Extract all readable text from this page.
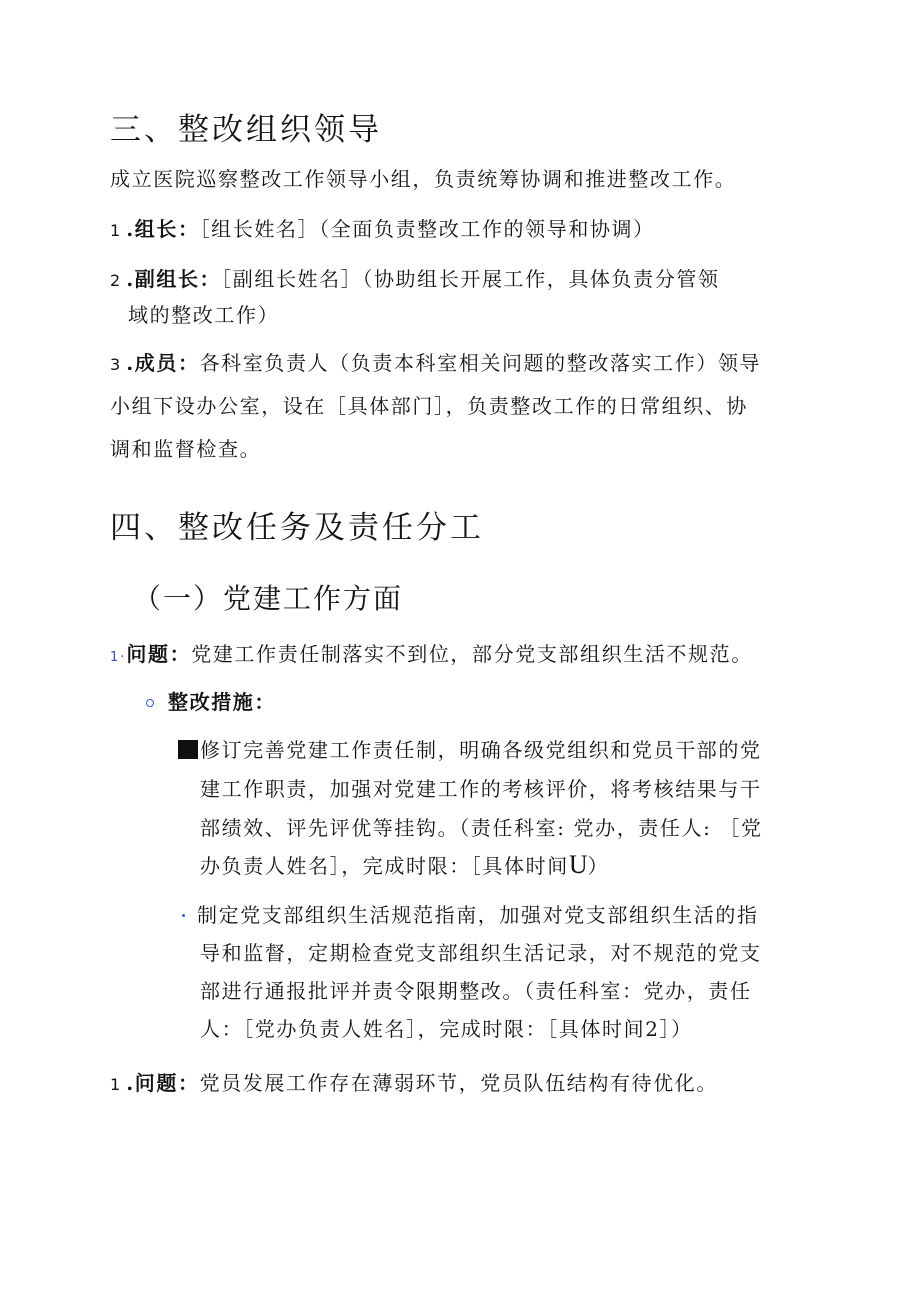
三、整改组织领导
成立医院巡察整改工作领导小组，负责统筹协调和推进整改工作。
1 .组长：［组长姓名］（全面负责整改工作的领导和协调）
2 .副组长：［副组长姓名］（协助组长开展工作，具体负责分管领
域的整改工作）
3 .成员：各科室负责人（负责本科室相关问题的整改落实工作）领导
小组下设办公室，设在［具体部门］，负责整改工作的日常组织、协
调和监督检查。
四、整改任务及责任分工
（一）党建工作方面
1 · 问题：党建工作责任制落实不到位，部分党支部组织生活不规范。
整改措施：
修订完善党建工作责任制，明确各级党组织和党员干部的党
建工作职责，加强对党建工作的考核评价，将考核结果与干
部绩效、评先评优等挂钩。（责任科室: 党办，责任人: ［党
办负责人姓名］，完成时限：［具体时间U）
制定党支部组织生活规范指南，加强对党支部组织生活的指
导和监督，定期检查党支部组织生活记录，对不规范的党支
部进行通报批评并责令限期整改。（责任科室：党办，责任
人：［党办负责人姓名］，完成时限：［具体时间2］）
1 .问题：党员发展工作存在薄弱环节，党员队伍结构有待优化。
